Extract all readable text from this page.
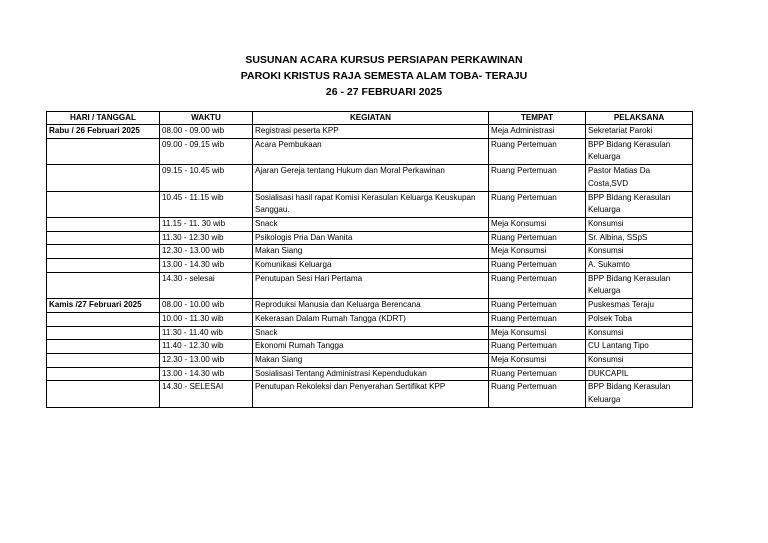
SUSUNAN ACARA KURSUS PERSIAPAN PERKAWINAN
PAROKI KRISTUS RAJA SEMESTA ALAM TOBA- TERAJU
26 - 27 FEBRUARI 2025
HARI / TANGGAL	WAKTU	KEGIATAN	TEMPAT	PELAKSANA
Rabu / 26 Februari 2025	08.00 - 09.00 wib	Registrasi peserta KPP	Meja Administrasi	Sekretariat Paroki
	09.00 - 09.15 wib	Acara Pembukaan	Ruang Pertemuan	BPP Bidang Kerasulan Keluarga
	09.15 - 10.45 wib	Ajaran Gereja tentang Hukum dan Moral Perkawinan	Ruang Pertemuan	Pastor Matias Da Costa,SVD
	10.45 - 11.15 wib	Sosialisasi hasil rapat Komisi Kerasulan Keluarga Keuskupan Sanggau.	Ruang Pertemuan	BPP Bidang Kerasulan Keluarga
	11.15 - 11. 30 wib	Snack	Meja Konsumsi	Konsumsi
	11.30 - 12.30 wib	Psikologis Pria Dan Wanita	Ruang Pertemuan	Sr. Albina, SSpS
	12.30 - 13.00 wib	Makan Siang	Meja Konsumsi	Konsumsi
	13.00 - 14.30 wib	Komunikasi Keluarga	Ruang Pertemuan	A. Sukamto
	14.30 - selesai	Penutupan Sesi Hari Pertama	Ruang Pertemuan	BPP Bidang Kerasulan Keluarga
Kamis /27 Februari 2025	08.00 - 10.00 wib	Reproduksi Manusia dan Keluarga Berencana	Ruang Pertemuan	Puskesmas Teraju
	10.00 - 11.30 wib	Kekerasan Dalam Rumah Tangga (KDRT)	Ruang Pertemuan	Polsek Toba
	11.30 - 11.40 wib	Snack	Meja Konsumsi	Konsumsi
	11.40 - 12.30 wib	Ekonomi Rumah Tangga	Ruang Pertemuan	CU Lantang Tipo
	12.30 - 13.00 wib	Makan Siang	Meja Konsumsi	Konsumsi
	13.00 - 14.30 wib	Sosialisasi Tentang Administrasi Kependudukan	Ruang Pertemuan	DUKCAPIL
	14.30 - SELESAI	Penutupan Rekoleksi dan Penyerahan Sertifikat KPP	Ruang Pertemuan	BPP Bidang Kerasulan Keluarga
